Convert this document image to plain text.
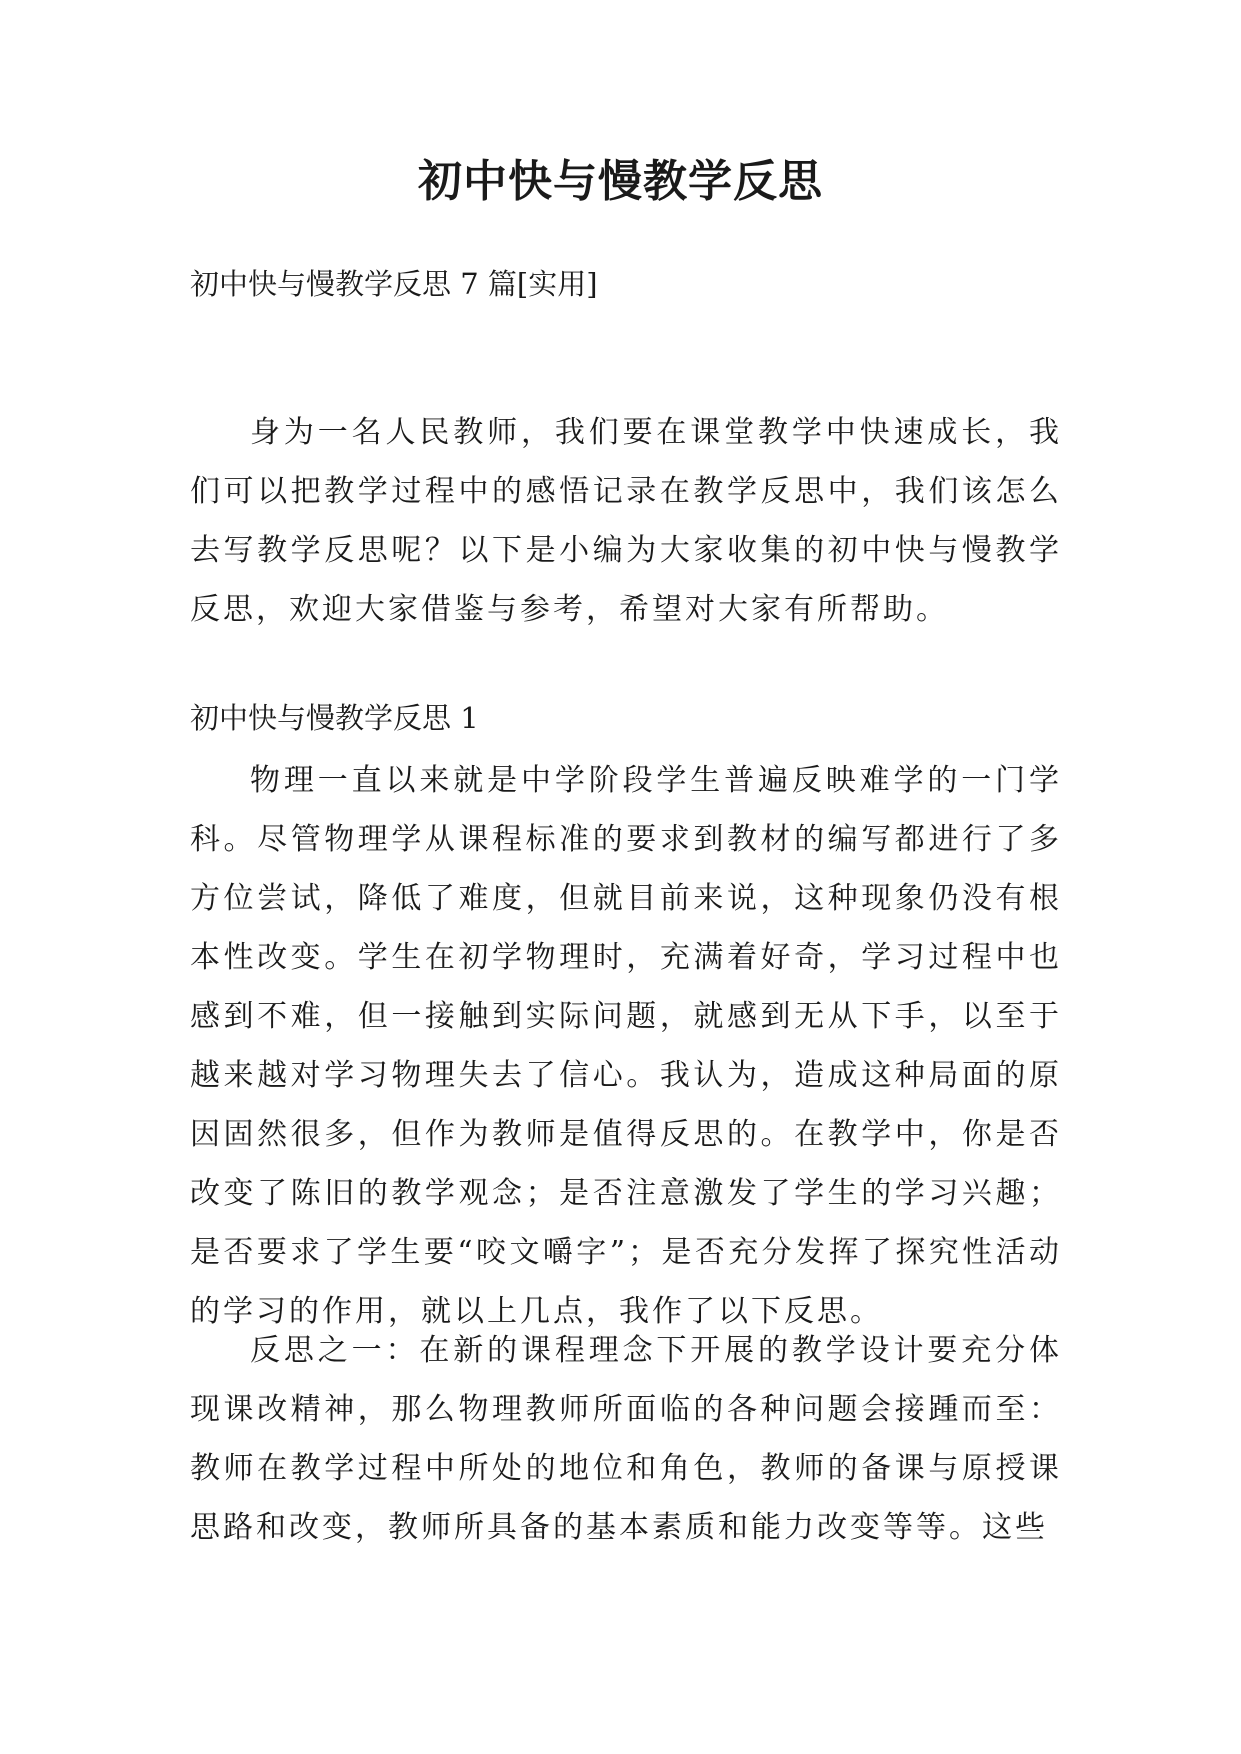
初中快与慢教学反思

初中快与慢教学反思 7 篇[实用]

身为一名人民教师，我们要在课堂教学中快速成长，我们可以把教学过程中的感悟记录在教学反思中，我们该怎么去写教学反思呢？以下是小编为大家收集的初中快与慢教学反思，欢迎大家借鉴与参考，希望对大家有所帮助。

初中快与慢教学反思 1

物理一直以来就是中学阶段学生普遍反映难学的一门学科。尽管物理学从课程标准的要求到教材的编写都进行了多方位尝试，降低了难度，但就目前来说，这种现象仍没有根本性改变。学生在初学物理时，充满着好奇，学习过程中也感到不难，但一接触到实际问题，就感到无从下手，以至于越来越对学习物理失去了信心。我认为，造成这种局面的原因固然很多，但作为教师是值得反思的。在教学中，你是否改变了陈旧的教学观念；是否注意激发了学生的学习兴趣；是否要求了学生要“咬文嚼字”；是否充分发挥了探究性活动的学习的作用，就以上几点，我作了以下反思。

反思之一：在新的课程理念下开展的教学设计要充分体现课改精神，那么物理教师所面临的各种问题会接踵而至：教师在教学过程中所处的地位和角色，教师的备课与原授课思路和改变，教师所具备的基本素质和能力改变等等。这些
